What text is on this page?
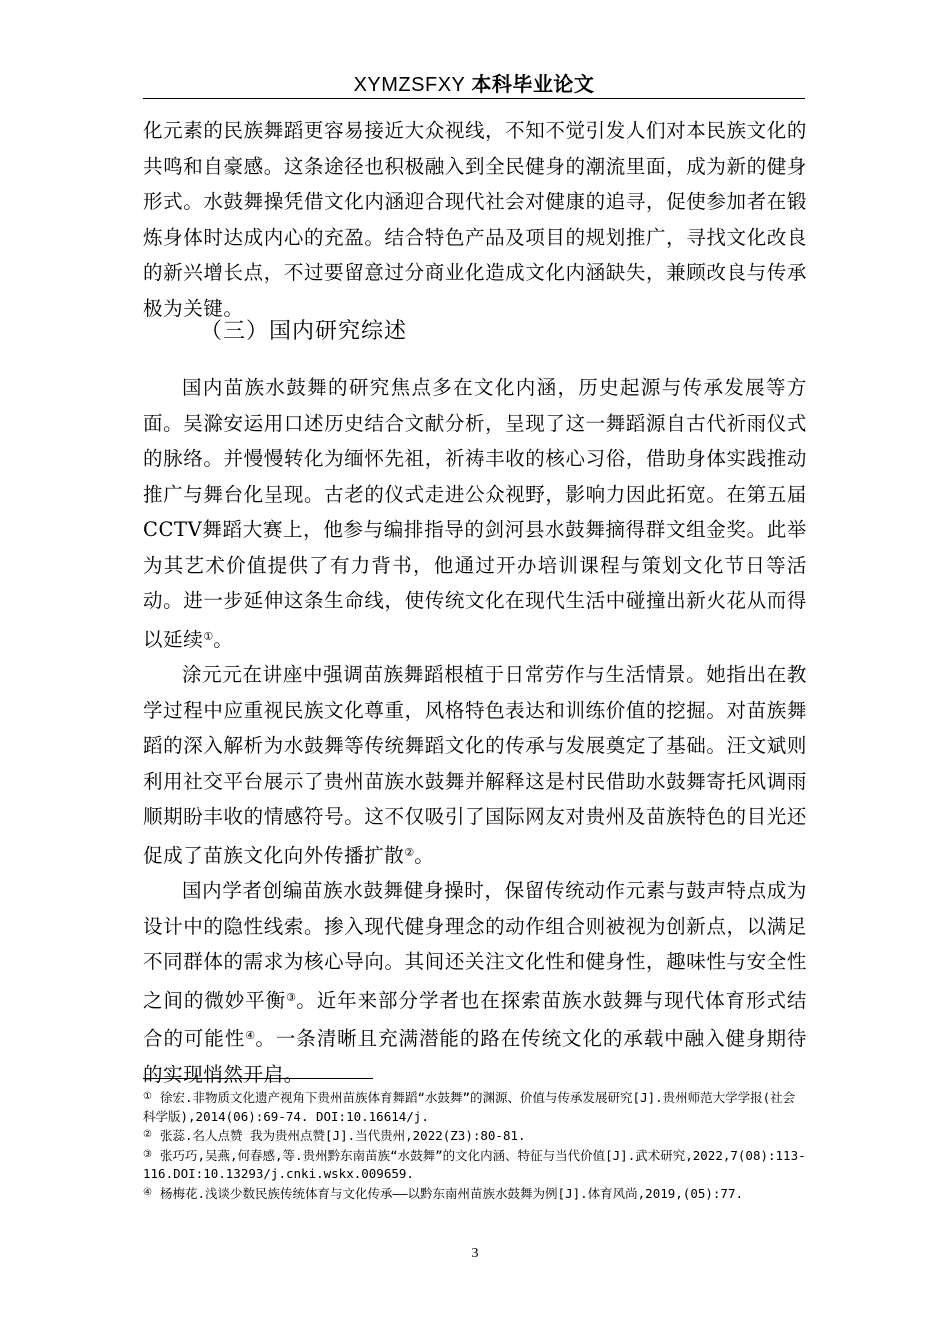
XYMZSFXY 本科毕业论文

化元素的民族舞蹈更容易接近大众视线，不知不觉引发人们对本民族文化的共鸣和自豪感。这条途径也积极融入到全民健身的潮流里面，成为新的健身形式。水鼓舞操凭借文化内涵迎合现代社会对健康的追寻，促使参加者在锻炼身体时达成内心的充盈。结合特色产品及项目的规划推广，寻找文化改良的新兴增长点，不过要留意过分商业化造成文化内涵缺失，兼顾改良与传承极为关键。

（三）国内研究综述

国内苗族水鼓舞的研究焦点多在文化内涵，历史起源与传承发展等方面。吴滁安运用口述历史结合文献分析，呈现了这一舞蹈源自古代祈雨仪式的脉络。并慢慢转化为缅怀先祖，祈祷丰收的核心习俗，借助身体实践推动推广与舞台化呈现。古老的仪式走进公众视野，影响力因此拓宽。在第五届CCTV舞蹈大赛上，他参与编排指导的剑河县水鼓舞摘得群文组金奖。此举为其艺术价值提供了有力背书，他通过开办培训课程与策划文化节日等活动。进一步延伸这条生命线，使传统文化在现代生活中碰撞出新火花从而得以延续①。

涂元元在讲座中强调苗族舞蹈根植于日常劳作与生活情景。她指出在教学过程中应重视民族文化尊重，风格特色表达和训练价值的挖掘。对苗族舞蹈的深入解析为水鼓舞等传统舞蹈文化的传承与发展奠定了基础。汪文斌则利用社交平台展示了贵州苗族水鼓舞并解释这是村民借助水鼓舞寄托风调雨顺期盼丰收的情感符号。这不仅吸引了国际网友对贵州及苗族特色的目光还促成了苗族文化向外传播扩散②。

国内学者创编苗族水鼓舞健身操时，保留传统动作元素与鼓声特点成为设计中的隐性线索。掺入现代健身理念的动作组合则被视为创新点，以满足不同群体的需求为核心导向。其间还关注文化性和健身性，趣味性与安全性之间的微妙平衡③。近年来部分学者也在探索苗族水鼓舞与现代体育形式结合的可能性④。一条清晰且充满潜能的路在传统文化的承载中融入健身期待的实现悄然开启。

① 徐宏.非物质文化遗产视角下贵州苗族体育舞蹈“水鼓舞”的渊源、价值与传承发展研究[J].贵州师范大学学报(社会科学版),2014(06):69-74. DOI:10.16614/j.

② 张蕊.名人点赞 我为贵州点赞[J].当代贵州,2022(Z3):80-81.

③ 张巧巧,吴燕,何春感,等.贵州黔东南苗族“水鼓舞”的文化内涵、特征与当代价值[J].武术研究,2022,7(08):113-116.DOI:10.13293/j.cnki.wskx.009659.

④ 杨梅花.浅谈少数民族传统体育与文化传承——以黔东南州苗族水鼓舞为例[J].体育风尚,2019,(05):77.

3
